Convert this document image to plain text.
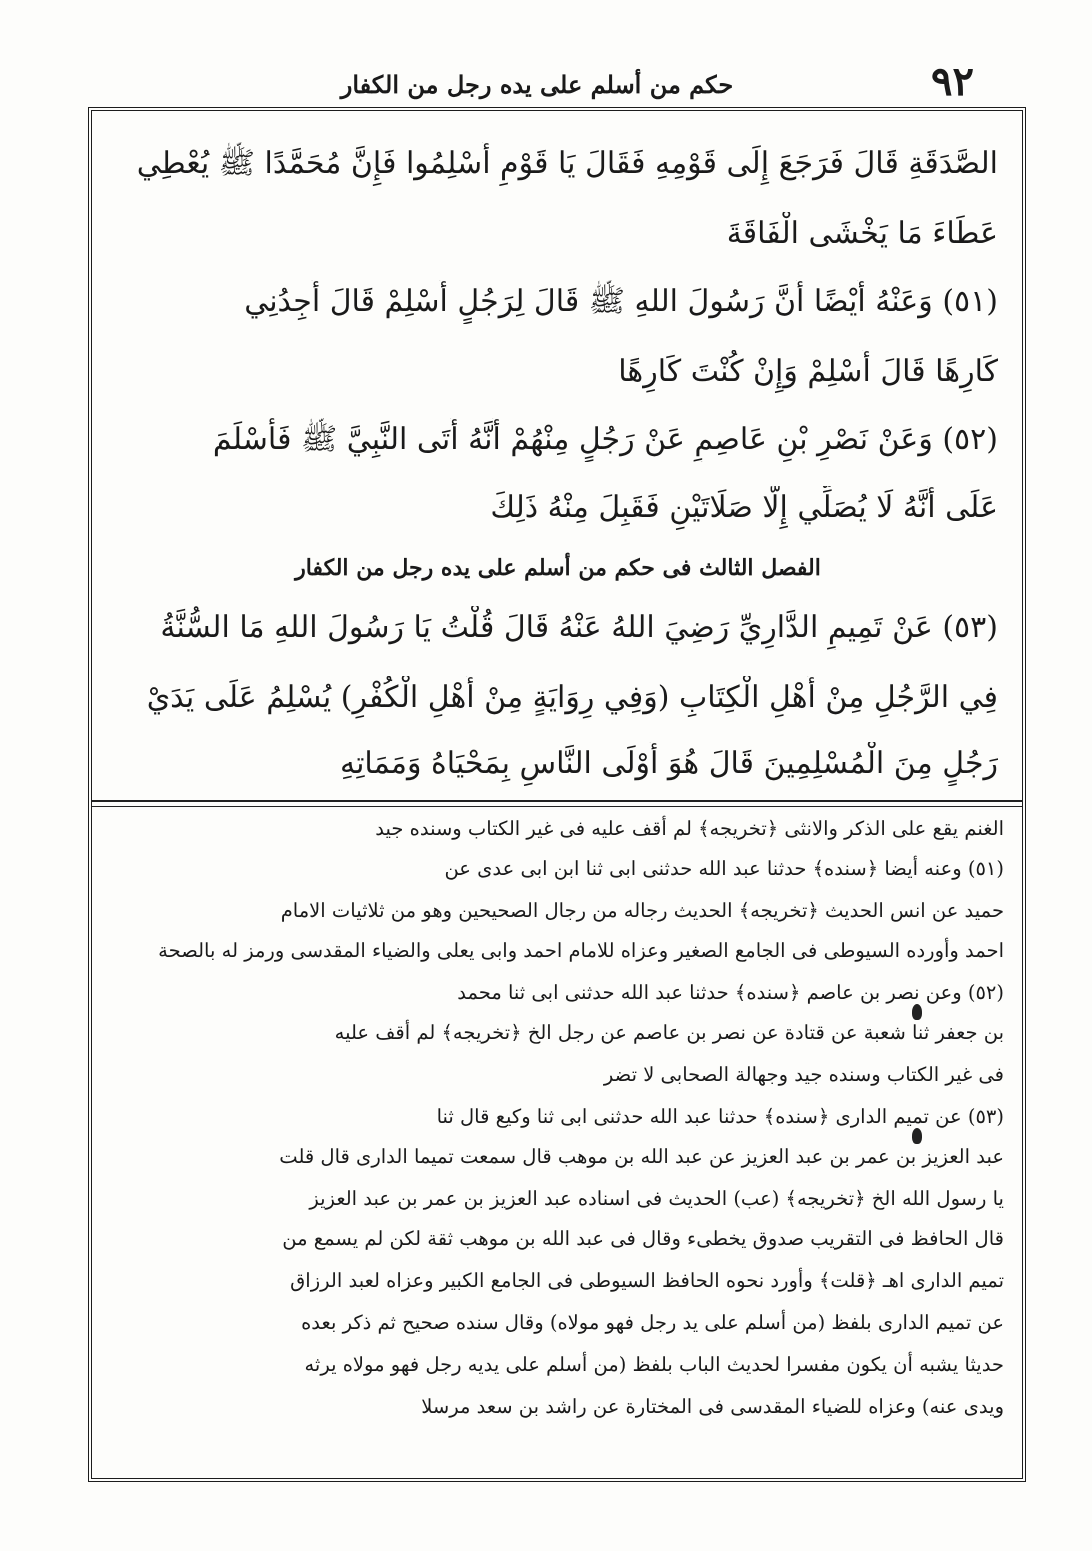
٩٢
حكم من أسلم على يده رجل من الكفار
الصَّدَقَةِ قَالَ فَرَجَعَ إِلَى قَوْمِهِ فَقَالَ يَا قَوْمِ أَسْلِمُوا فَإِنَّ مُحَمَّدًا ﷺ يُعْطِي
عَطَاءَ مَا يَخْشَى الْفَاقَةَ
(٥١) وَعَنْهُ أَيْضًا أَنَّ رَسُولَ اللهِ ﷺ قَالَ لِرَجُلٍ أَسْلِمْ قَالَ أَجِدُنِي
كَارِهًا قَالَ أَسْلِمْ وَإِنْ كُنْتَ كَارِهًا
(٥٢) وَعَنْ نَصْرِ بْنِ عَاصِمٍ عَنْ رَجُلٍ مِنْهُمْ أَنَّهُ أَتَى النَّبِيَّ ﷺ فَأَسْلَمَ
عَلَى أَنَّهُ لَا يُصَلِّي إِلَّا صَلَاتَيْنِ فَقَبِلَ مِنْهُ ذَلِكَ
الفصل الثالث فى حكم من أسلم على يده رجل من الكفار
(٥٣) عَنْ تَمِيمٍ الدَّارِيِّ رَضِيَ اللهُ عَنْهُ قَالَ قُلْتُ يَا رَسُولَ اللهِ مَا السُّنَّةُ
فِي الرَّجُلِ مِنْ أَهْلِ الْكِتَابِ (وَفِي رِوَايَةٍ مِنْ أَهْلِ الْكُفْرِ) يُسْلِمُ عَلَى يَدَيْ
رَجُلٍ مِنَ الْمُسْلِمِينَ قَالَ هُوَ أَوْلَى النَّاسِ بِمَحْيَاهُ وَمَمَاتِهِ
الغنم يقع على الذكر والانثى ﴿تخريجه﴾ لم أقف عليه فى غير الكتاب وسنده جيد
(٥١) وعنه أيضا ﴿سنده﴾ حدثنا عبد الله حدثنى ابى ثنا ابن ابى عدى عن
حميد عن انس الحديث ﴿تخريجه﴾ الحديث رجاله من رجال الصحيحين وهو من ثلاثيات الامام
احمد وأورده السيوطى فى الجامع الصغير وعزاه للامام احمد وابى يعلى والضياء المقدسى ورمز له بالصحة
(٥٢) وعن نصر بن عاصم ﴿سنده﴾ حدثنا عبد الله حدثنى ابى ثنا محمد
بن جعفر ثنا شعبة عن قتادة عن نصر بن عاصم عن رجل الخ ﴿تخريجه﴾ لم أقف عليه
فى غير الكتاب وسنده جيد وجهالة الصحابى لا تضر
(٥٣) عن تميم الدارى ﴿سنده﴾ حدثنا عبد الله حدثنى ابى ثنا وكيع قال ثنا
عبد العزيز بن عمر بن عبد العزيز عن عبد الله بن موهب قال سمعت تميما الدارى قال قلت
يا رسول الله الخ ﴿تخريجه﴾ (عب) الحديث فى اسناده عبد العزيز بن عمر بن عبد العزيز
قال الحافظ فى التقريب صدوق يخطىء وقال فى عبد الله بن موهب ثقة لكن لم يسمع من
تميم الدارى اهـ ﴿قلت﴾ وأورد نحوه الحافظ السيوطى فى الجامع الكبير وعزاه لعبد الرزاق
عن تميم الدارى بلفظ (من أسلم على يد رجل فهو مولاه) وقال سنده صحيح ثم ذكر بعده
حديثا يشبه أن يكون مفسرا لحديث الباب بلفظ (من أسلم على يديه رجل فهو مولاه يرثه
ويدى عنه) وعزاه للضياء المقدسى فى المختارة عن راشد بن سعد مرسلا
